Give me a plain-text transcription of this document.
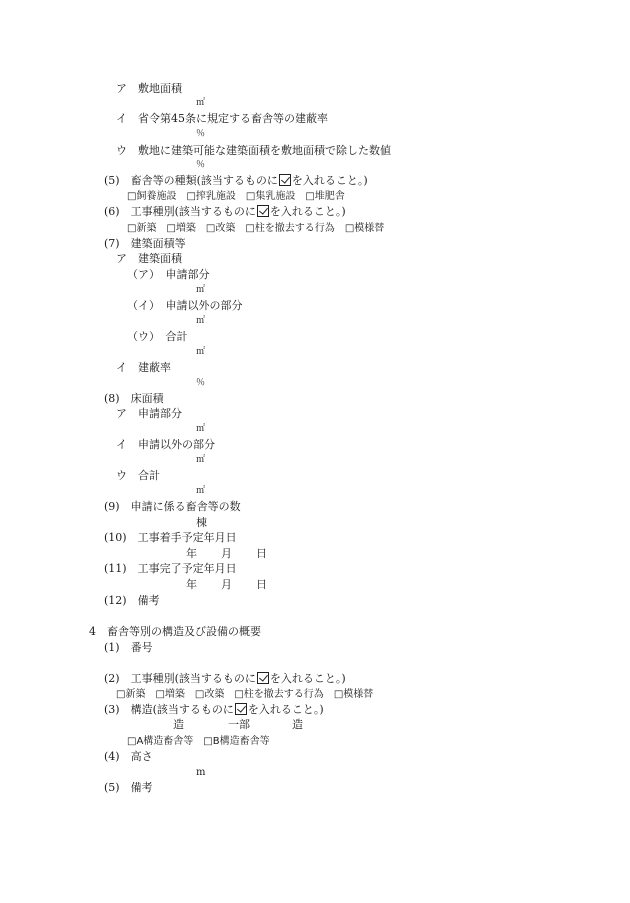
ア　敷地面積
㎡
イ　省令第45条に規定する畜舎等の建蔽率
％
ウ　敷地に建築可能な建築面積を敷地面積で除した数値
％
(5)　畜舎等の種類(該当するものに を入れること。)
□飼養施設 □搾乳施設 □集乳施設 □堆肥舎
(6)　工事種別(該当するものに を入れること。)
□新築 □増築 □改築 □柱を撤去する行為 □模様替
(7)　建築面積等
ア　建築面積
（ア）　申請部分
㎡
（イ）　申請以外の部分
㎡
（ウ）　合計
㎡
イ　建蔽率
％
(8)　床面積
ア　申請部分
㎡
イ　申請以外の部分
㎡
ウ　合計
㎡
(9)　申請に係る畜舎等の数
棟
(10)　工事着手予定年月日
年 月 日
(11)　工事完了予定年月日
年 月 日
(12)　備考
4　畜舎等別の構造及び設備の概要
(1)　番号
(2)　工事種別(該当するものに を入れること。)
□新築 □増築 □改築 □柱を撤去する行為 □模様替
(3)　構造(該当するものに を入れること。)
造	一部	造
□A構造畜舎等 □B構造畜舎等
(4)　高さ
m
(5)　備考
